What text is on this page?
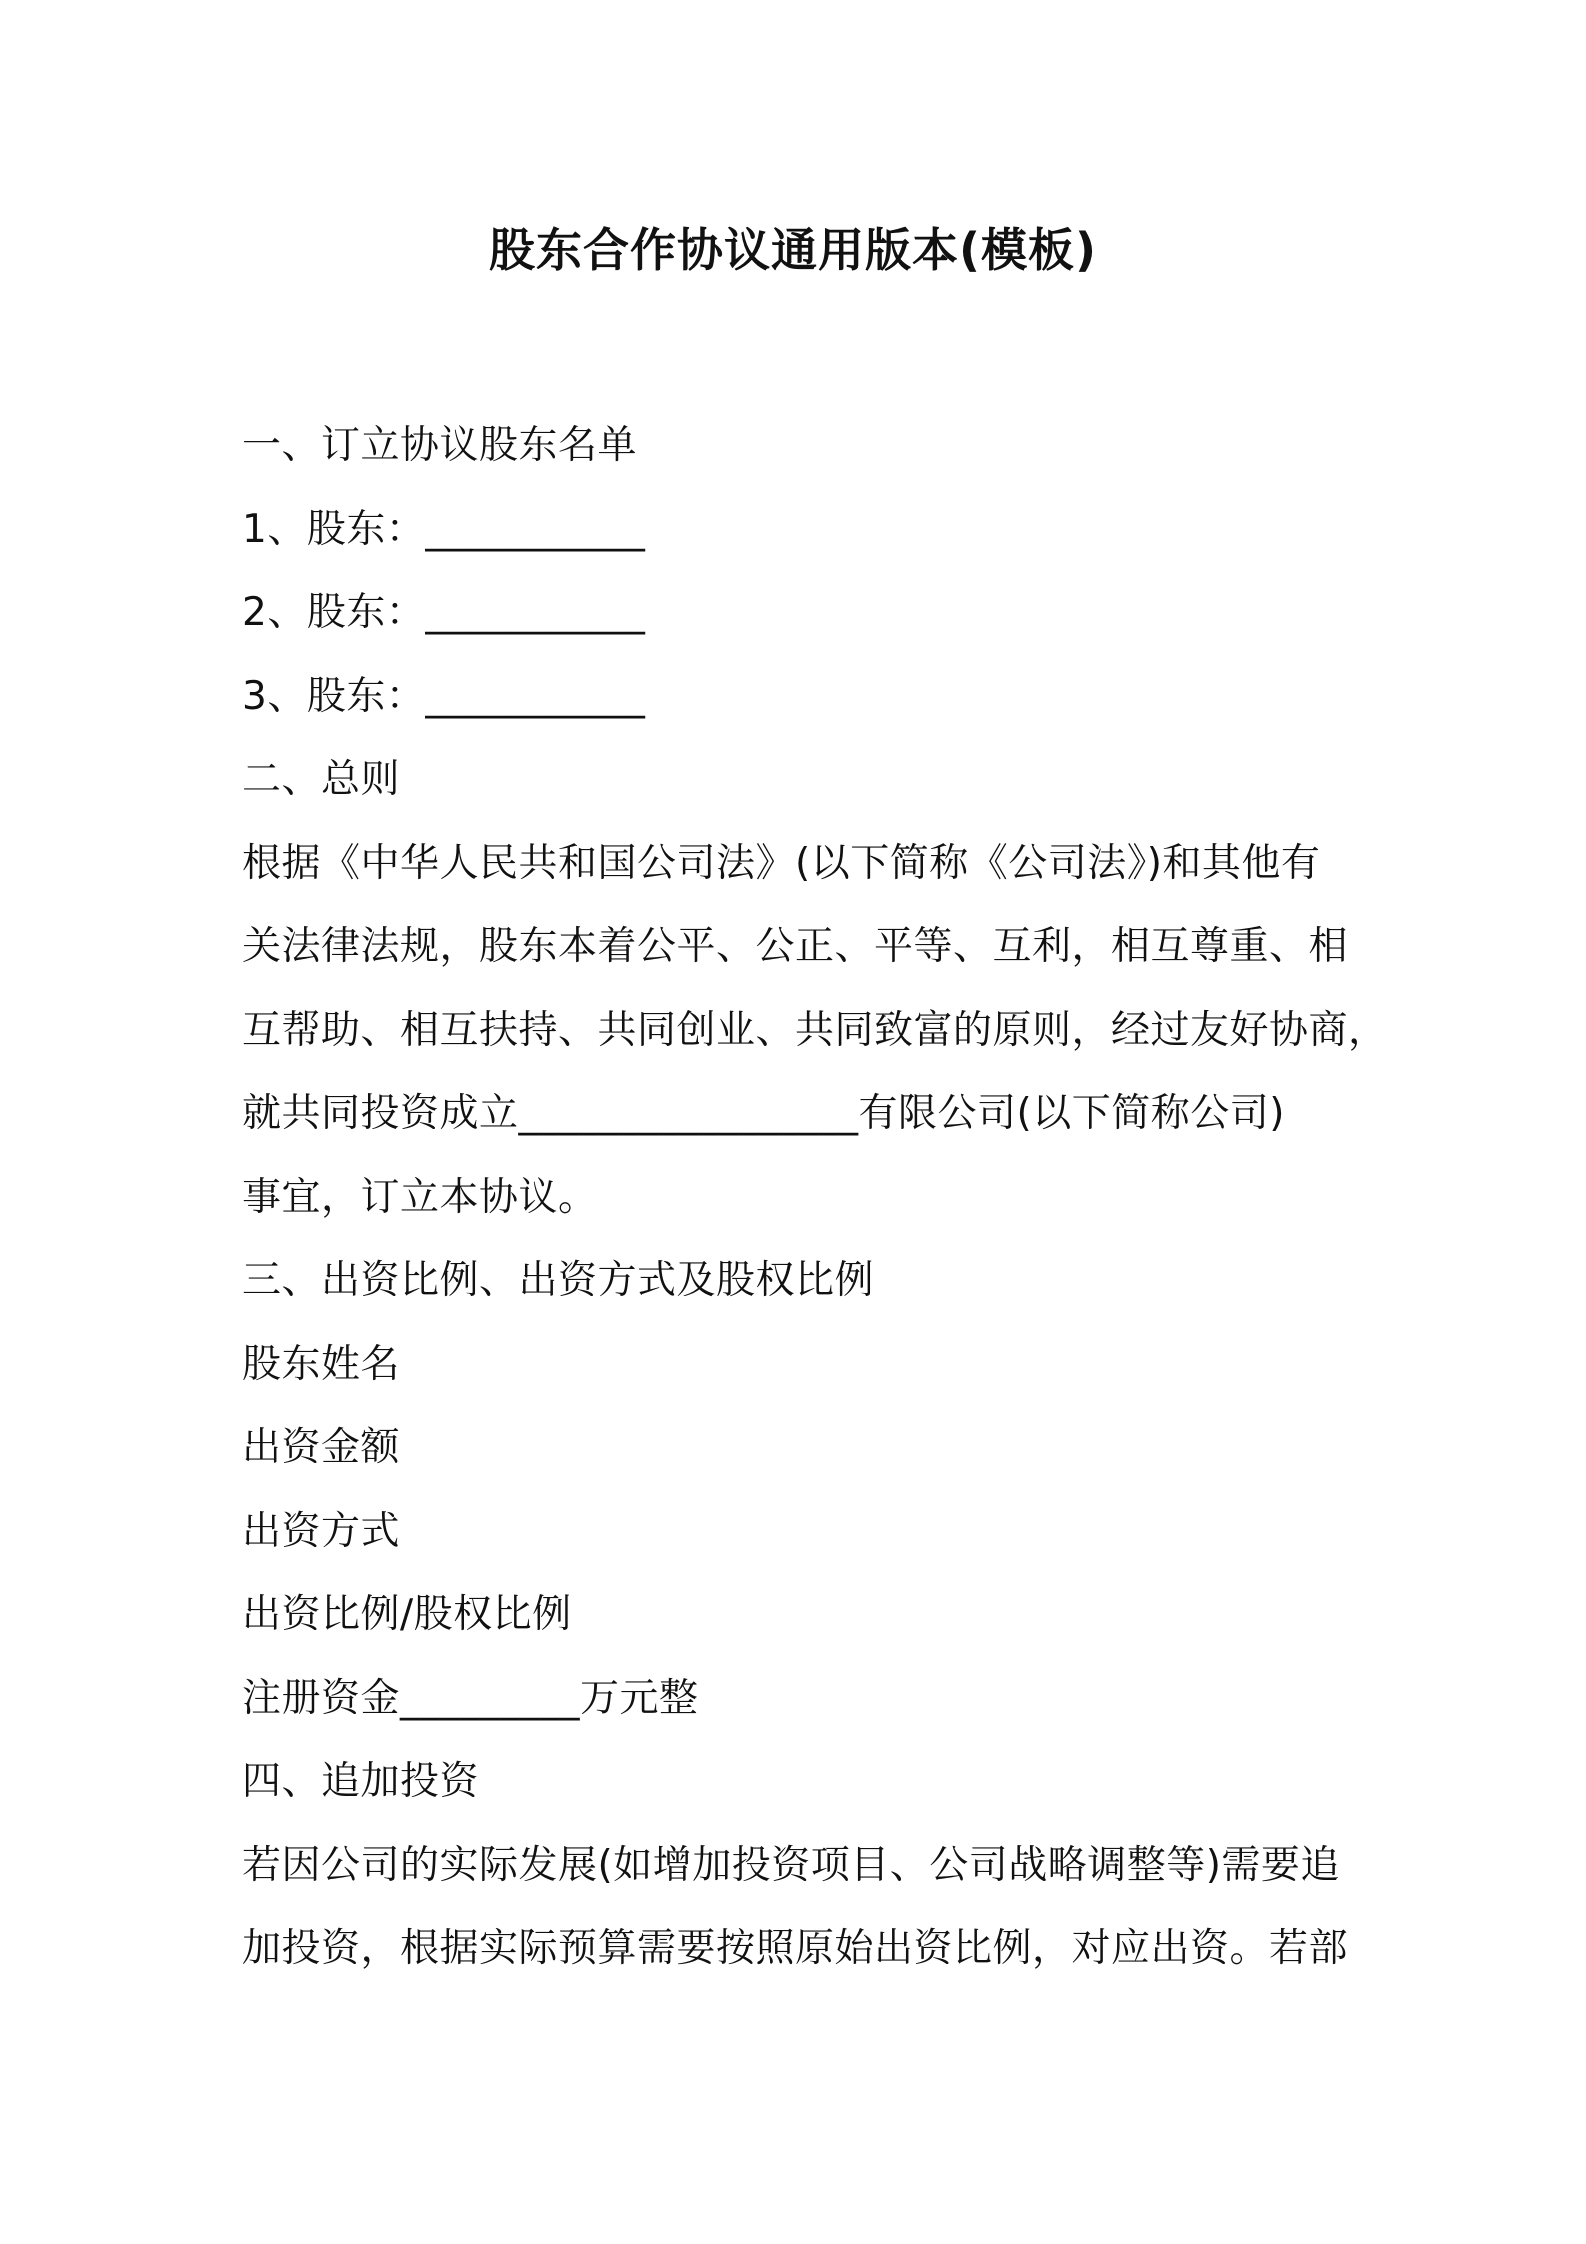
股东合作协议通用版本(模板)
一、订立协议股东名单
1、股东：___________
2、股东：___________
3、股东：___________
二、总则
根据《中华人民共和国公司法》(以下简称《公司法》)和其他有
关法律法规，股东本着公平、公正、平等、互利，相互尊重、相
互帮助、相互扶持、共同创业、共同致富的原则，经过友好协商，
就共同投资成立_________________有限公司(以下简称公司)
事宜，订立本协议。
三、出资比例、出资方式及股权比例
股东姓名
出资金额
出资方式
出资比例/股权比例
注册资金_________万元整
四、追加投资
若因公司的实际发展(如增加投资项目、公司战略调整等)需要追
加投资，根据实际预算需要按照原始出资比例，对应出资。若部
